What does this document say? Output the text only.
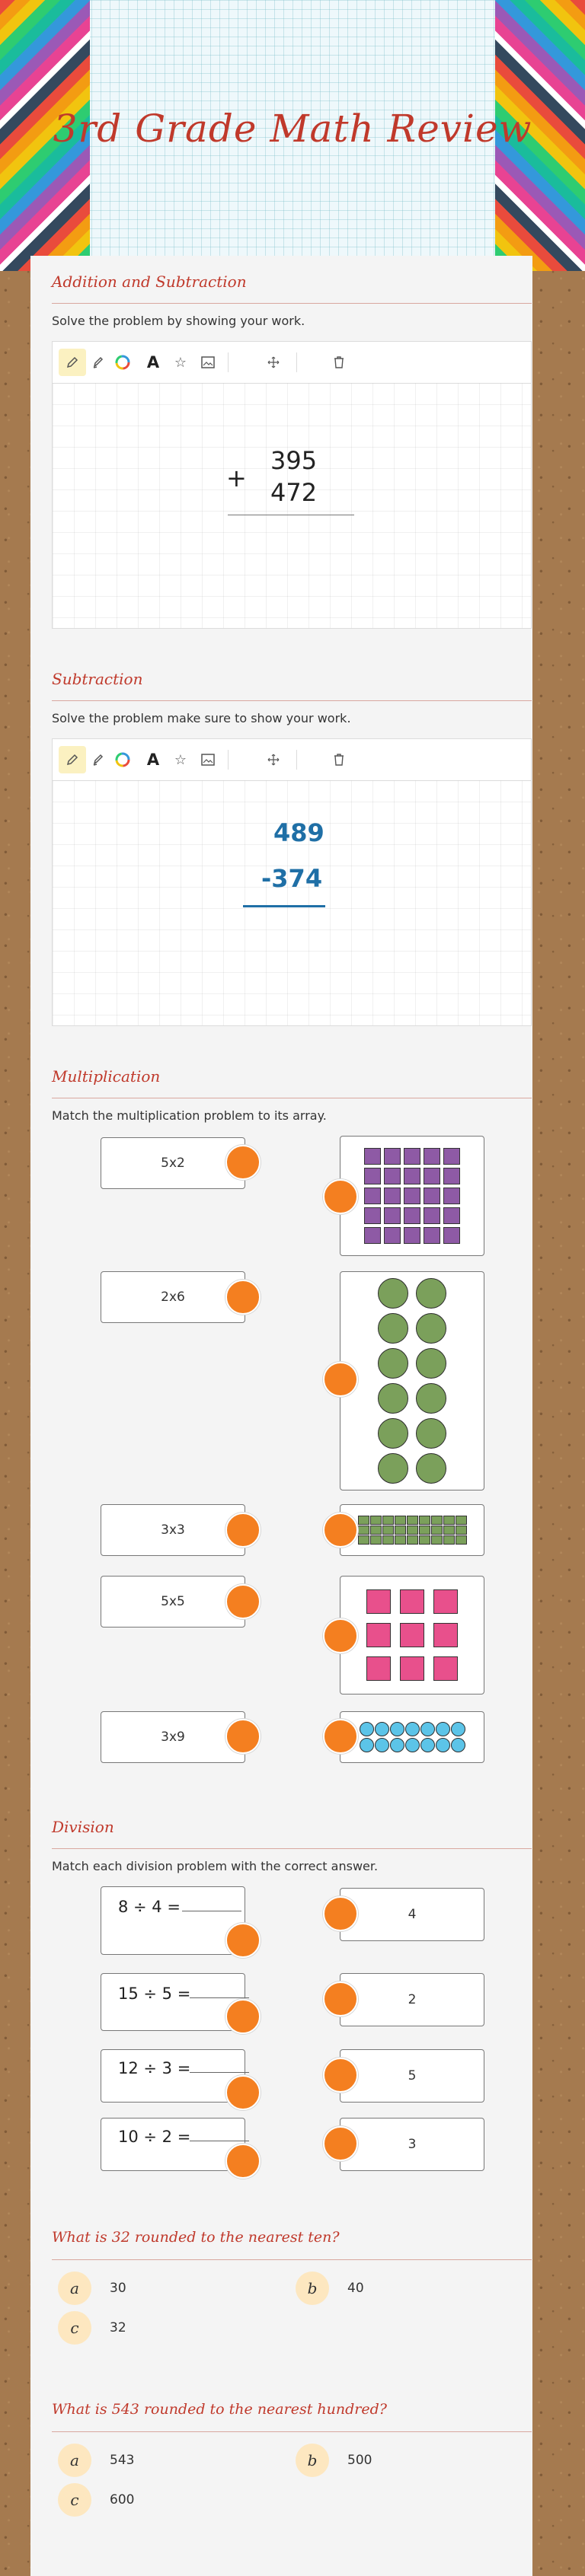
3rd Grade Math Review
Addition and Subtraction
Solve the problem by showing your work.
A	☆
+
395
472
Subtraction
Solve the problem make sure to show your work.
A	☆
489
-374
Multiplication
Match the multiplication problem to its array.
5x2
2x6
3x3
5x5
3x9
Division
Match each division problem with the correct answer.
8 ÷ 4 =
15 ÷ 5 =
12 ÷ 3 =
10 ÷ 2 =
4
2
5
3
What is 32 rounded to the nearest ten?
a	30	b	40
c	32
What is 543 rounded to the nearest hundred?
a	543	b	500
c	600
